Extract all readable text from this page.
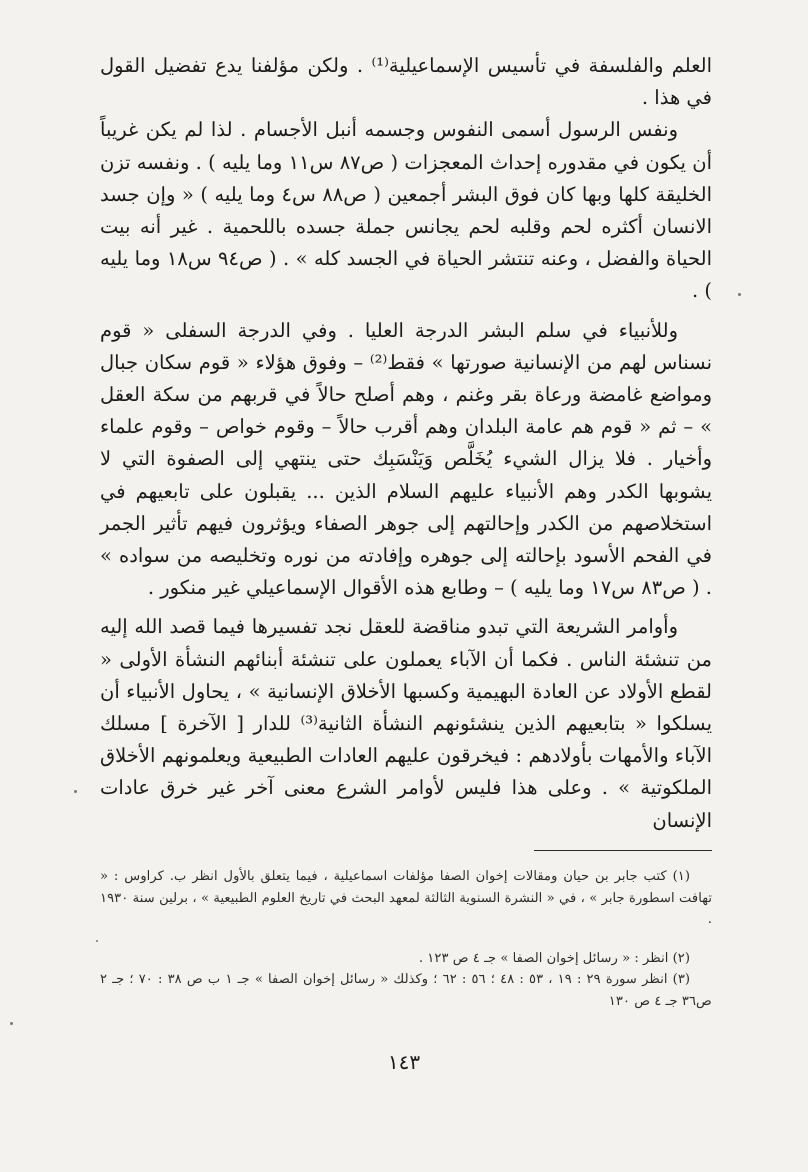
العلم والفلسفة في تأسيس الإسماعيلية⁽¹⁾ . ولكن مؤلفنا يدع تفضيل القول في هذا .

ونفس الرسول أسمى النفوس وجسمه أنبل الأجسام . لذا لم يكن غريباً أن يكون في مقدوره إحداث المعجزات ( ص٨٧ س١١ وما يليه ) . ونفسه تزن الخليقة كلها وبها كان فوق البشر أجمعين ( ص٨٨ س٤ وما يليه ) « وإن جسد الانسان أكثره لحم وقلبه لحم يجانس جملة جسده باللحمية . غير أنه بيت الحياة والفضل ، وعنه تنتشر الحياة في الجسد كله » . ( ص٩٤ س١٨ وما يليه ) .

وللأنبياء في سلم البشر الدرجة العليا . وفي الدرجة السفلى « قوم نسناس لهم من الإنسانية صورتها » فقط⁽²⁾ – وفوق هؤلاء « قوم سكان جبال ومواضع غامضة ورعاة بقر وغنم ، وهم أصلح حالاً في قربهم من سكة العقل » – ثم « قوم هم عامة البلدان وهم أقرب حالاً – وقوم خواص – وقوم علماء وأخيار . فلا يزال الشيء يُخَلَّص وَيَنْسَبِك حتى ينتهي إلى الصفوة التي لا يشوبها الكدر وهم الأنبياء عليهم السلام الذين ... يقبلون على تابعيهم في استخلاصهم من الكدر وإحالتهم إلى جوهر الصفاء ويؤثرون فيهم تأثير الجمر في الفحم الأسود بإحالته إلى جوهره وإفادته من نوره وتخليصه من سواده » . ( ص٨٣ س١٧ وما يليه ) – وطابع هذه الأقوال الإسماعيلي غير منكور .

وأوامر الشريعة التي تبدو مناقضة للعقل نجد تفسيرها فيما قصد الله إليه من تنشئة الناس . فكما أن الآباء يعملون على تنشئة أبنائهم النشأة الأولى « لقطع الأولاد عن العادة البهيمية وكسبها الأخلاق الإنسانية » ، يحاول الأنبياء أن يسلكوا « بتابعيهم الذين ينشئونهم النشأة الثانية⁽³⁾ للدار [ الآخرة ] مسلك الآباء والأمهات بأولادهم : فيخرقون عليهم العادات الطبيعية ويعلمونهم الأخلاق الملكوتية » . وعلى هذا فليس لأوامر الشرع معنى آخر غير خرق عادات الإنسان

(١) كتب جابر بن حيان ومقالات إخوان الصفا مؤلفات اسماعيلية ، فيما يتعلق بالأول انظر ب. كراوس : « تهافت اسطورة جابر » ، في « النشرة السنوية الثالثة لمعهد البحث في تاريخ العلوم الطبيعية » ، برلين سنة ١٩٣٠ .

(٢) انظر : « رسائل إخوان الصفا » جـ ٤ ص ١٢٣ .

(٣) انظر سورة ٢٩ : ١٩ ، ٥٣ : ٤٨ ؛ ٥٦ : ٦٢ ؛ وكذلك « رسائل إخوان الصفا » جـ ١ ب ص ٣٨ : ٧٠ ؛ جـ ٢ ص٣٦ جـ ٤ ص ١٣٠

١٤٣
